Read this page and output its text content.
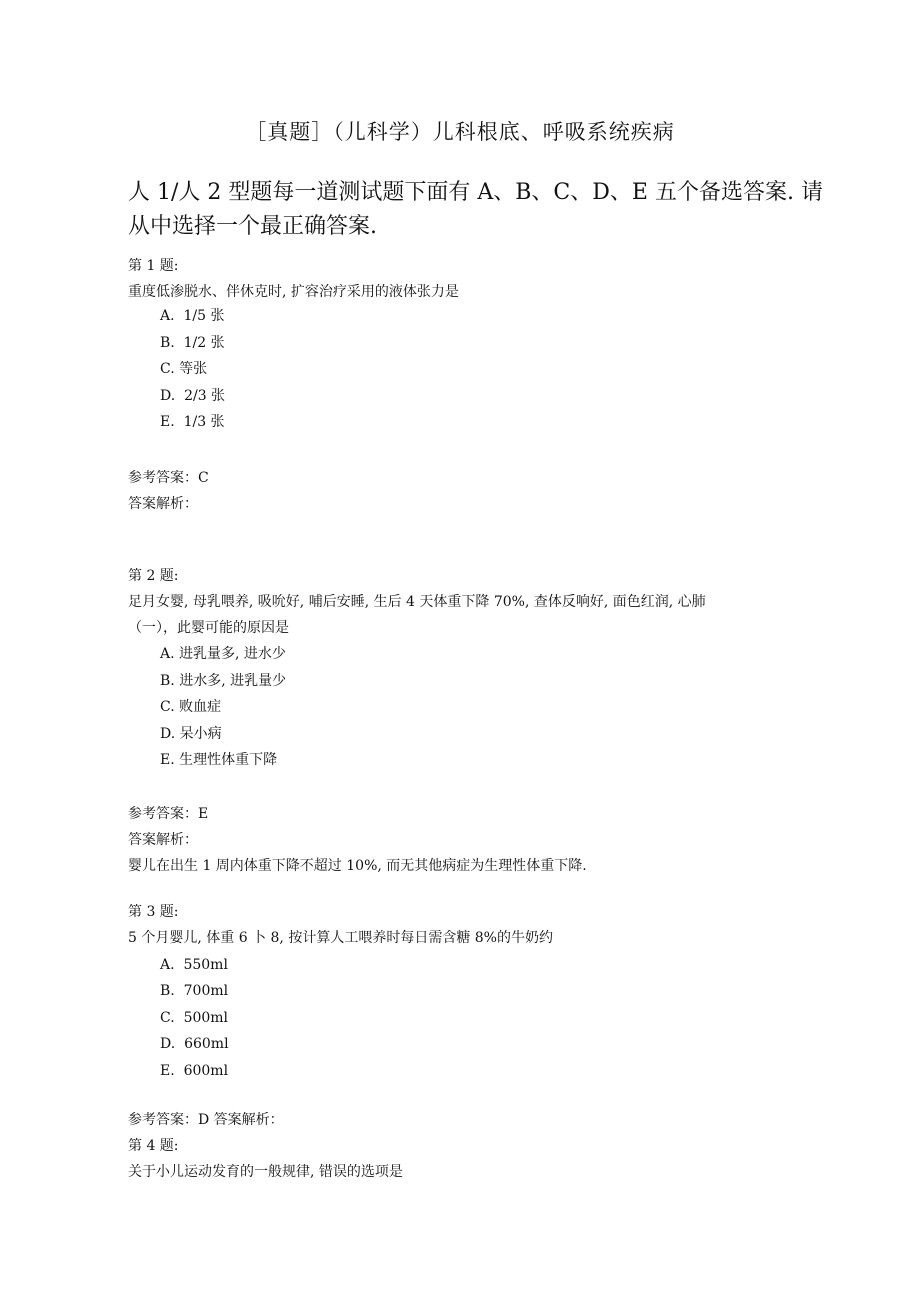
［真题］（儿科学）儿科根底、呼吸系统疾病
人 1/人 2 型题每一道测试题下面有 A、B、C、D、E 五个备选答案. 请
从中选择一个最正确答案.
第 1 题:
重度低渗脱水、伴休克时, 扩容治疗采用的液体张力是
A.  1/5 张
B.  1/2 张
C. 等张
D.  2/3 张
E.  1/3 张
参考答案：C
答案解析：
第 2 题:
足月女婴, 母乳喂养, 吸吮好, 哺后安睡, 生后 4 天体重下降 70%, 查体反响好, 面色红润, 心肺
（一），此婴可能的原因是
A. 进乳量多, 进水少
B. 进水多, 进乳量少
C. 败血症
D. 呆小病
E. 生理性体重下降
参考答案：E
答案解析：
婴儿在出生 1 周内体重下降不超过 10%, 而无其他病症为生理性体重下降.
第 3 题:
5 个月婴儿, 体重 6 卜 8, 按计算人工喂养时每日需含糖 8%的牛奶约
A.  550ml
B.  700ml
C.  500ml
D.  660ml
E.  600ml
参考答案：D 答案解析：
第 4 题:
关于小儿运动发育的一般规律, 错误的选项是
